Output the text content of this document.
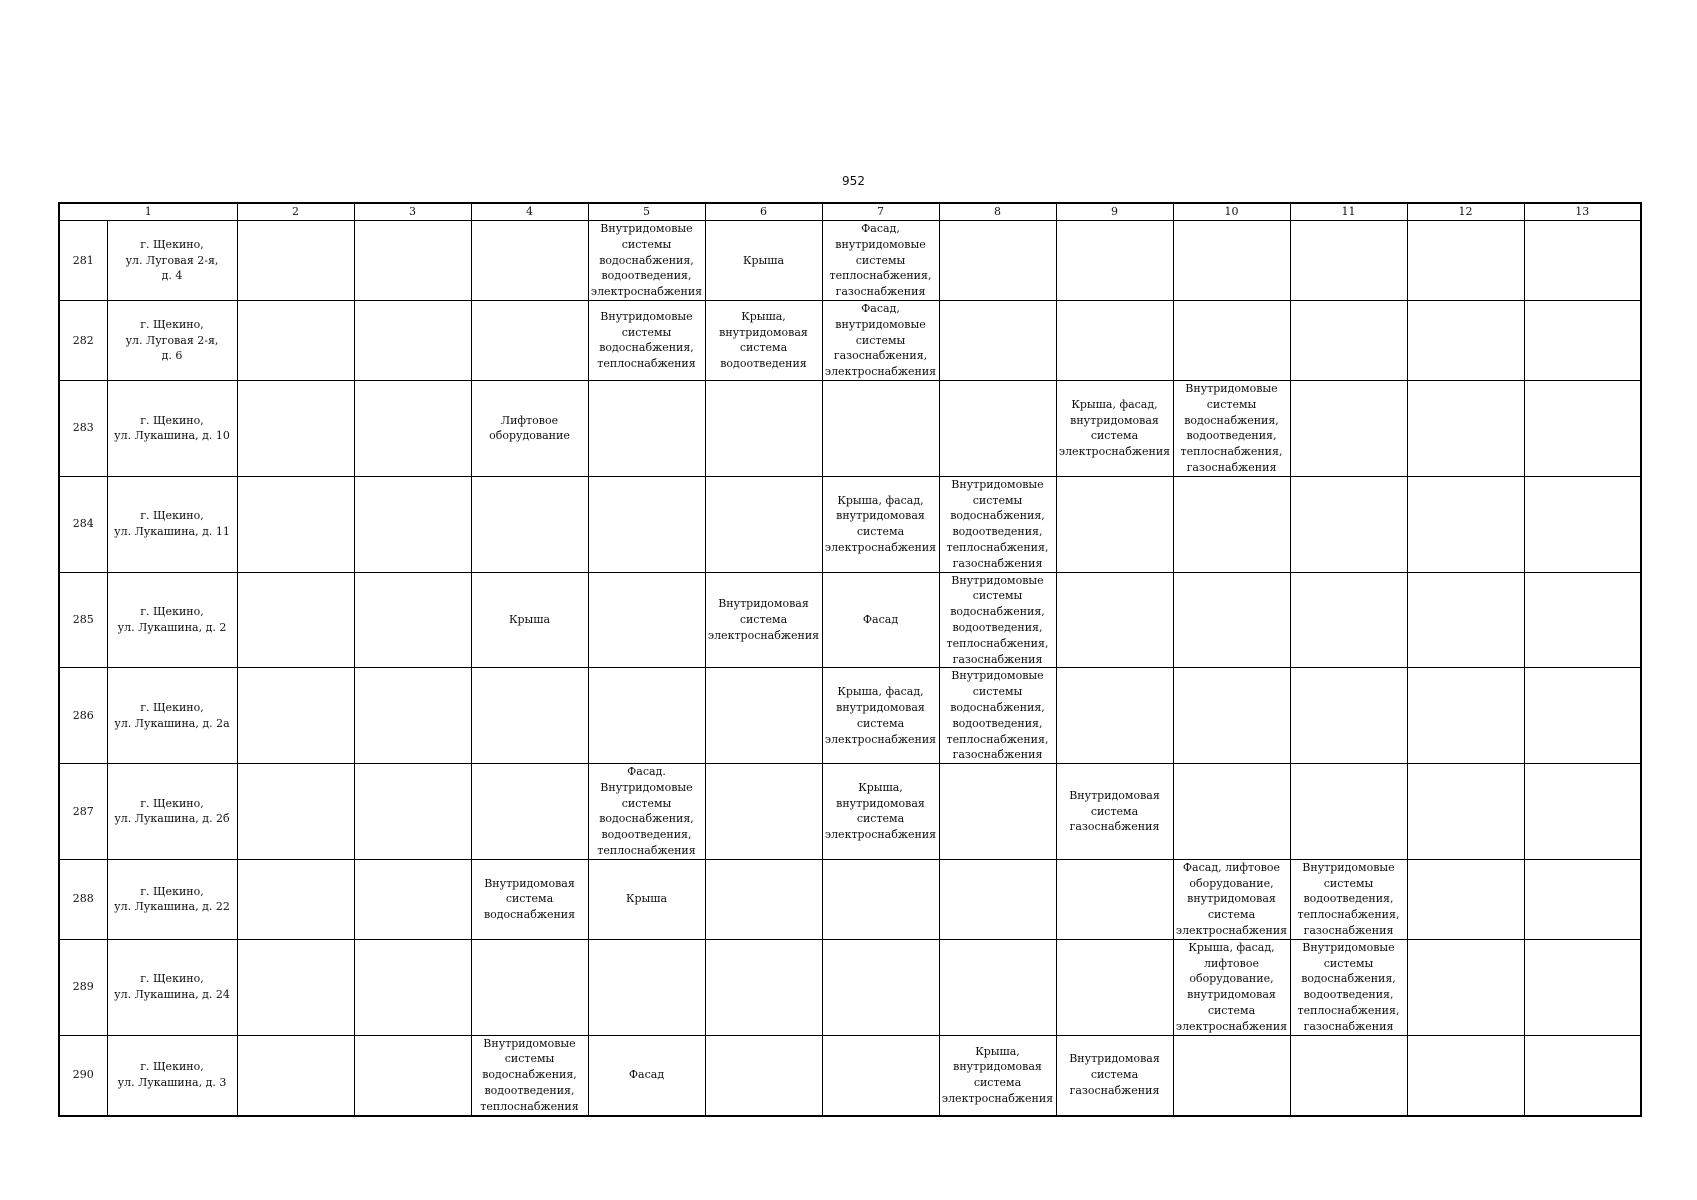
952
1		2	3	4	5	6	7	8	9	10	11	12	13
281	г. Щекино,
ул. Луговая 2-я,
д. 4				Внутридомовые системы водоснабжения, водоотведения, электроснабжения	Крыша	Фасад, внутридомовые системы теплоснабжения, газоснабжения						
282	г. Щекино,
ул. Луговая 2-я,
д. 6				Внутридомовые системы водоснабжения, теплоснабжения	Крыша, внутридомовая система водоотведения	Фасад, внутридомовые системы газоснабжения, электроснабжения						
283	г. Щекино,
ул. Лукашина, д. 10			Лифтовое оборудование					Крыша, фасад, внутридомовая система электроснабжения	Внутридомовые системы водоснабжения, водоотведения, теплоснабжения, газоснабжения			
284	г. Щекино,
ул. Лукашина, д. 11						Крыша, фасад, внутридомовая система электроснабжения	Внутридомовые системы водоснабжения, водоотведения, теплоснабжения, газоснабжения					
285	г. Щекино,
ул. Лукашина, д. 2			Крыша		Внутридомовая система электроснабжения	Фасад	Внутридомовые системы водоснабжения, водоотведения, теплоснабжения, газоснабжения					
286	г. Щекино,
ул. Лукашина, д. 2а						Крыша, фасад, внутридомовая система электроснабжения	Внутридомовые системы водоснабжения, водоотведения, теплоснабжения, газоснабжения					
287	г. Щекино,
ул. Лукашина, д. 2б				Фасад. Внутридомовые системы водоснабжения, водоотведения, теплоснабжения		Крыша, внутридомовая система электроснабжения		Внутридомовая система газоснабжения				
288	г. Щекино,
ул. Лукашина, д. 22			Внутридомовая система водоснабжения	Крыша					Фасад, лифтовое оборудование, внутридомовая система электроснабжения	Внутридомовые системы водоотведения, теплоснабжения, газоснабжения		
289	г. Щекино,
ул. Лукашина, д. 24									Крыша, фасад, лифтовое оборудование, внутридомовая система электроснабжения	Внутридомовые системы водоснабжения, водоотведения, теплоснабжения, газоснабжения		
290	г. Щекино,
ул. Лукашина, д. 3			Внутридомовые системы водоснабжения, водоотведения, теплоснабжения	Фасад			Крыша, внутридомовая система электроснабжения	Внутридомовая система газоснабжения				
